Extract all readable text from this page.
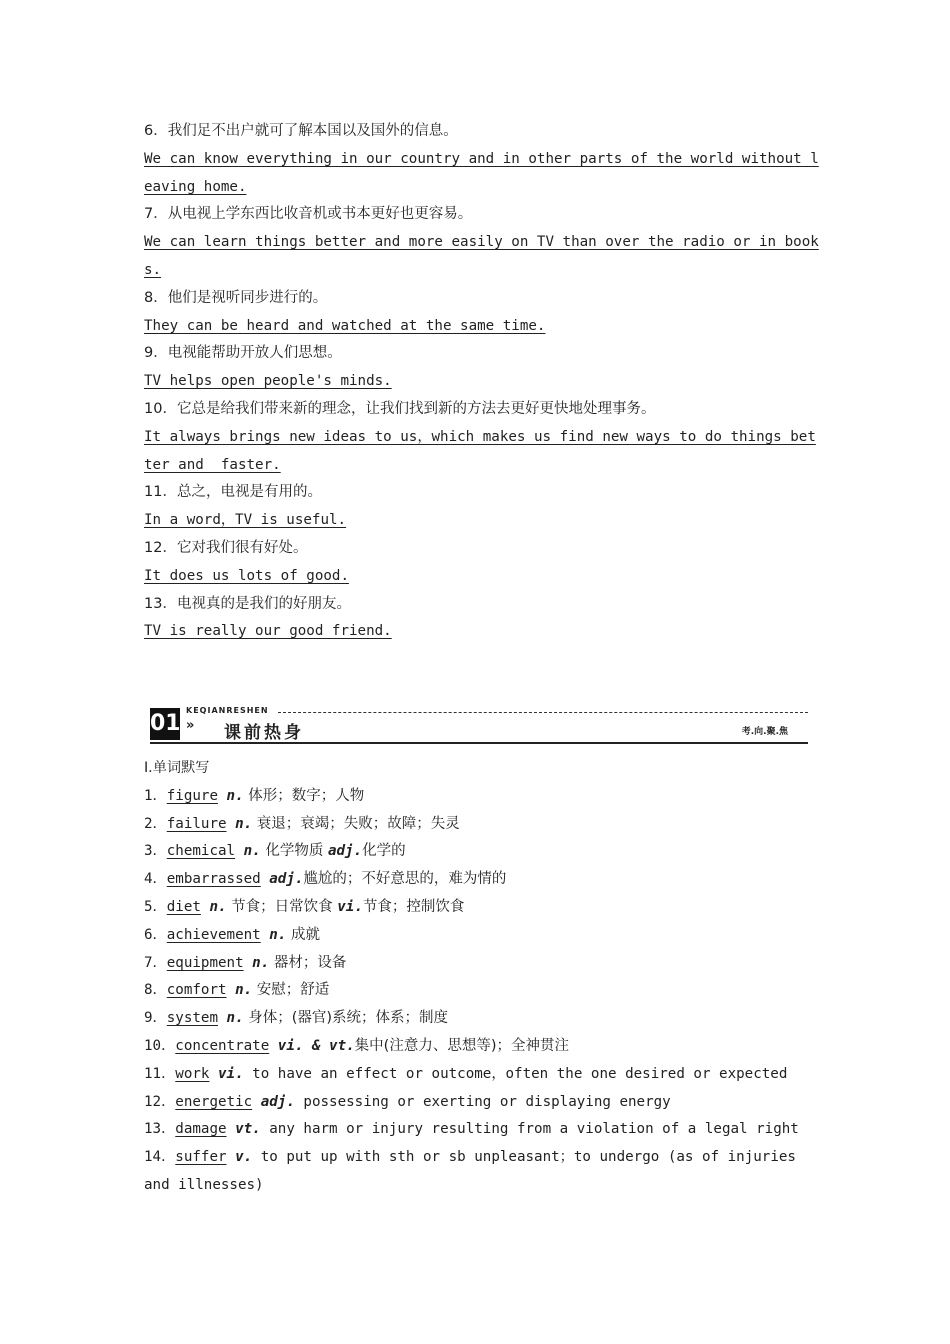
6．我们足不出户就可了解本国以及国外的信息。
We can know everything in our country and in other parts of the world without l
eaving home.
7．从电视上学东西比收音机或书本更好也更容易。
We can learn things better and more easily on TV than over the radio or in book
s.
8．他们是视听同步进行的。
They can be heard and watched at the same time.
9．电视能帮助开放人们思想。
TV helps open people's minds.
10．它总是给我们带来新的理念，让我们找到新的方法去更好更快地处理事务。
It always brings new ideas to us，which makes us find new ways to do things bet
ter and  faster.
11．总之，电视是有用的。
In a word，TV is useful.
12．它对我们很有好处。
It does us lots of good.
13．电视真的是我们的好朋友。
TV is really our good friend.
01
KEQIANRESHEN
» 课前热身	考.向.聚.焦
Ⅰ.单词默写
1．figure n. 体形；数字；人物
2．failure n. 衰退；衰竭；失败；故障；失灵
3．chemical n. 化学物质 adj.化学的
4．embarrassed adj.尴尬的；不好意思的，难为情的
5．diet n. 节食；日常饮食 vi.节食；控制饮食
6．achievement n. 成就
7．equipment n. 器材；设备
8．comfort n. 安慰；舒适
9．system n. 身体；(器官)系统；体系；制度
10．concentrate vi. & vt.集中(注意力、思想等)；全神贯注
11．work vi. to have an effect or outcome，often the one desired or expected
12．energetic adj. possessing or exerting or displaying energy
13．damage vt. any harm or injury resulting from a violation of a legal right
14．suffer v. to put up with sth or sb unpleasant；to undergo (as of injuries
and illnesses)
